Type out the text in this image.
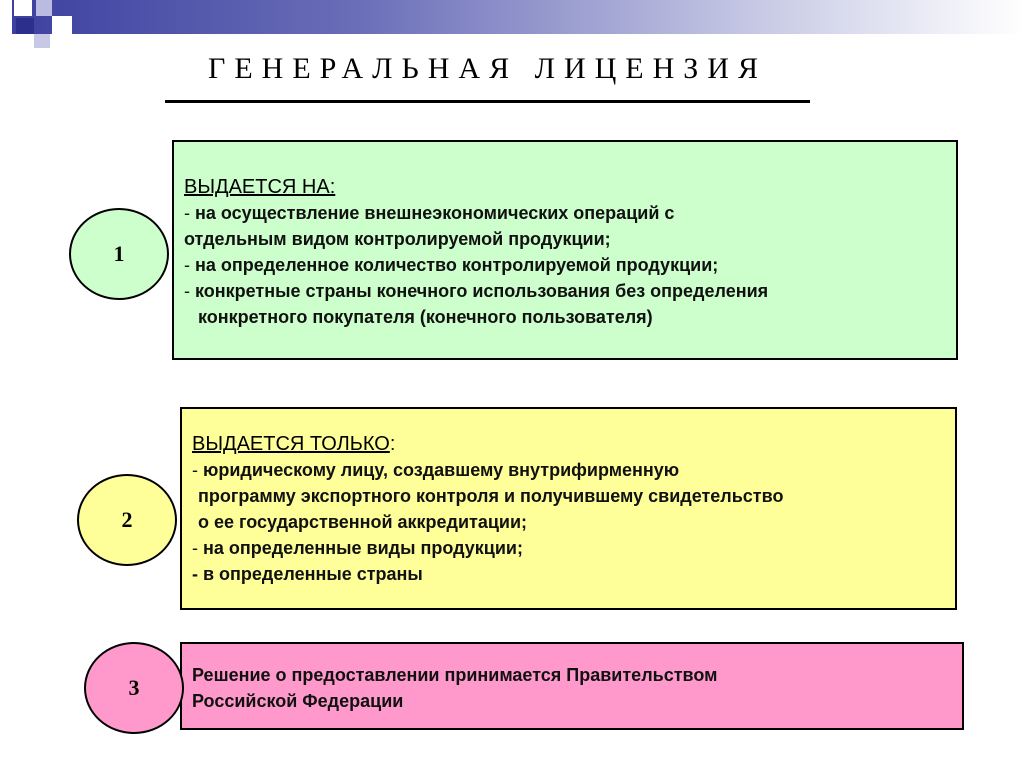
ГЕНЕРАЛЬНАЯ ЛИЦЕНЗИЯ
ВЫДАЕТСЯ НА:
- на осуществление внешнеэкономических операций с
отдельным видом контролируемой продукции;
- на определенное количество контролируемой продукции;
- конкретные страны конечного использования без определения
конкретного покупателя (конечного пользователя)
1
ВЫДАЕТСЯ ТОЛЬКО:
- юридическому лицу, создавшему внутрифирменную
программу экспортного контроля и получившему свидетельство
о ее государственной аккредитации;
- на определенные виды продукции;
- в определенные страны
2
Решение о предоставлении принимается Правительством
Российской Федерации
3
